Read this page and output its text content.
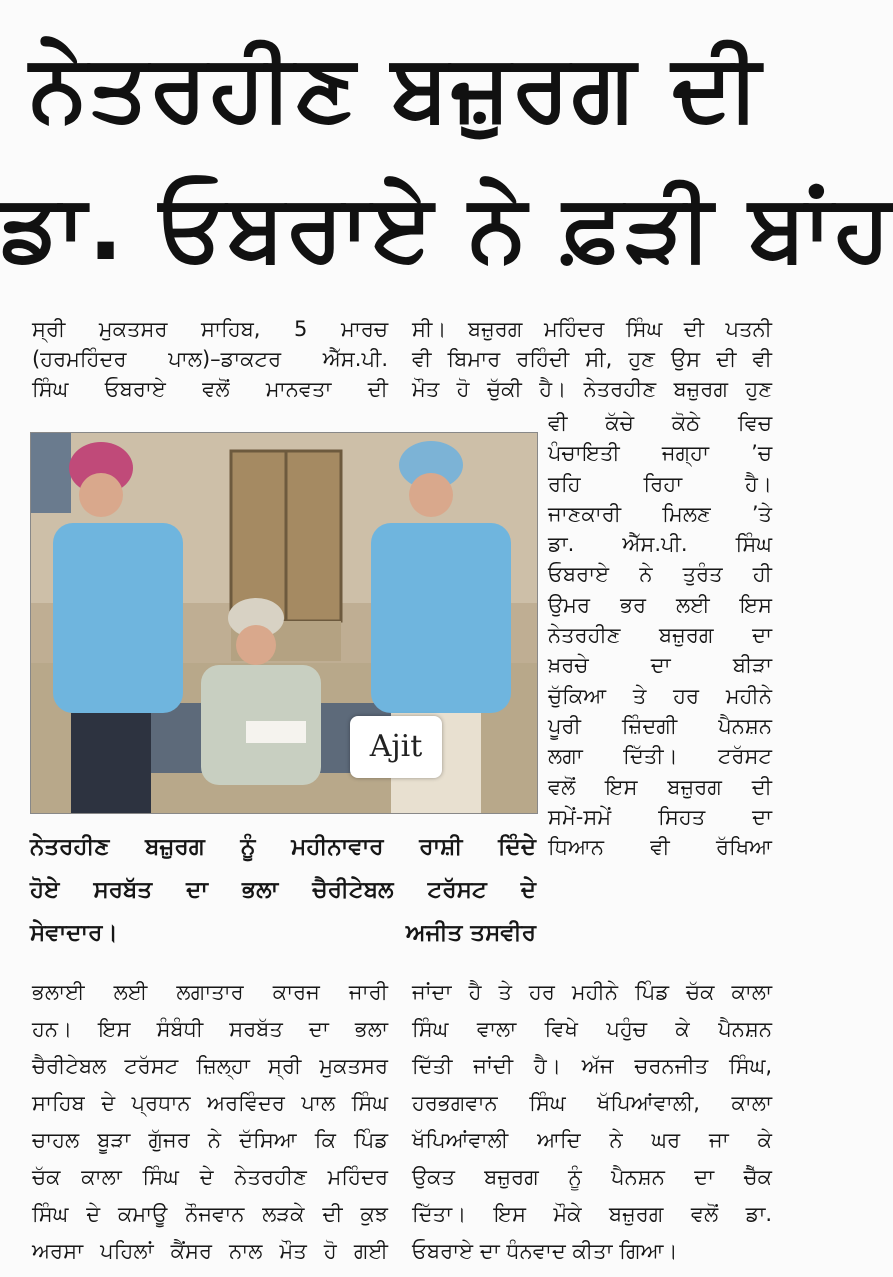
ਨੇਤਰਹੀਣ ਬਜ਼ੁਰਗ ਦੀ
ਡਾ. ਓਬਰਾਏ ਨੇ ਫ਼ੜੀ ਬਾਂਹ
ਸ੍ਰੀ ਮੁਕਤਸਰ ਸਾਹਿਬ, 5 ਮਾਰਚ
(ਹਰਮਹਿੰਦਰ ਪਾਲ)–ਡਾਕਟਰ ਐੱਸ.ਪੀ.
ਸਿੰਘ ਓਬਰਾਏ ਵਲੋਂ ਮਾਨਵਤਾ ਦੀ
ਸੀ। ਬਜ਼ੁਰਗ ਮਹਿੰਦਰ ਸਿੰਘ ਦੀ ਪਤਨੀ
ਵੀ ਬਿਮਾਰ ਰਹਿੰਦੀ ਸੀ, ਹੁਣ ਉਸ ਦੀ ਵੀ
ਮੌਤ ਹੋ ਚੁੱਕੀ ਹੈ। ਨੇਤਰਹੀਣ ਬਜ਼ੁਰਗ ਹੁਣ
Ajit
ਵੀ ਕੱਚੇ ਕੋਠੇ ਵਿਚ
ਪੰਚਾਇਤੀ ਜਗ੍ਹਾ ’ਚ
ਰਹਿ ਰਿਹਾ ਹੈ।
ਜਾਣਕਾਰੀ ਮਿਲਣ ’ਤੇ
ਡਾ. ਐੱਸ.ਪੀ. ਸਿੰਘ
ਓਬਰਾਏ ਨੇ ਤੁਰੰਤ ਹੀ
ਉਮਰ ਭਰ ਲਈ ਇਸ
ਨੇਤਰਹੀਣ ਬਜ਼ੁਰਗ ਦਾ
ਖ਼ਰਚੇ ਦਾ ਬੀੜਾ
ਚੁੱਕਿਆ ਤੇ ਹਰ ਮਹੀਨੇ
ਪੂਰੀ ਜ਼ਿੰਦਗੀ ਪੈਨਸ਼ਨ
ਲਗਾ ਦਿੱਤੀ। ਟਰੱਸਟ
ਵਲੋਂ ਇਸ ਬਜ਼ੁਰਗ ਦੀ
ਸਮੇਂ-ਸਮੇਂ ਸਿਹਤ ਦਾ
ਧਿਆਨ ਵੀ ਰੱਖਿਆ
ਨੇਤਰਹੀਣ ਬਜ਼ੁਰਗ ਨੂੰ ਮਹੀਨਾਵਾਰ ਰਾਸ਼ੀ ਦਿੰਦੇ
ਹੋਏ ਸਰਬੱਤ ਦਾ ਭਲਾ ਚੈਰੀਟੇਬਲ ਟਰੱਸਟ ਦੇ
ਸੇਵਾਦਾਰ।	ਅਜੀਤ ਤਸਵੀਰ
ਭਲਾਈ ਲਈ ਲਗਾਤਾਰ ਕਾਰਜ ਜਾਰੀ
ਹਨ। ਇਸ ਸੰਬੰਧੀ ਸਰਬੱਤ ਦਾ ਭਲਾ
ਚੈਰੀਟੇਬਲ ਟਰੱਸਟ ਜ਼ਿਲ੍ਹਾ ਸ੍ਰੀ ਮੁਕਤਸਰ
ਸਾਹਿਬ ਦੇ ਪ੍ਰਧਾਨ ਅਰਵਿੰਦਰ ਪਾਲ ਸਿੰਘ
ਚਾਹਲ ਬੂੜਾ ਗੁੱਜਰ ਨੇ ਦੱਸਿਆ ਕਿ ਪਿੰਡ
ਚੱਕ ਕਾਲਾ ਸਿੰਘ ਦੇ ਨੇਤਰਹੀਣ ਮਹਿੰਦਰ
ਸਿੰਘ ਦੇ ਕਮਾਊ ਨੌਜਵਾਨ ਲੜਕੇ ਦੀ ਕੁਝ
ਅਰਸਾ ਪਹਿਲਾਂ ਕੈਂਸਰ ਨਾਲ ਮੌਤ ਹੋ ਗਈ
ਜਾਂਦਾ ਹੈ ਤੇ ਹਰ ਮਹੀਨੇ ਪਿੰਡ ਚੱਕ ਕਾਲਾ
ਸਿੰਘ ਵਾਲਾ ਵਿਖੇ ਪਹੁੰਚ ਕੇ ਪੈਨਸ਼ਨ
ਦਿੱਤੀ ਜਾਂਦੀ ਹੈ। ਅੱਜ ਚਰਨਜੀਤ ਸਿੰਘ,
ਹਰਭਗਵਾਨ ਸਿੰਘ ਖੱਪਿਆਂਵਾਲੀ, ਕਾਲਾ
ਖੱਪਿਆਂਵਾਲੀ ਆਦਿ ਨੇ ਘਰ ਜਾ ਕੇ
ਉਕਤ ਬਜ਼ੁਰਗ ਨੂੰ ਪੈਨਸ਼ਨ ਦਾ ਚੈੱਕ
ਦਿੱਤਾ। ਇਸ ਮੌਕੇ ਬਜ਼ੁਰਗ ਵਲੋਂ ਡਾ.
ਓਬਰਾਏ ਦਾ ਧੰਨਵਾਦ ਕੀਤਾ ਗਿਆ।
